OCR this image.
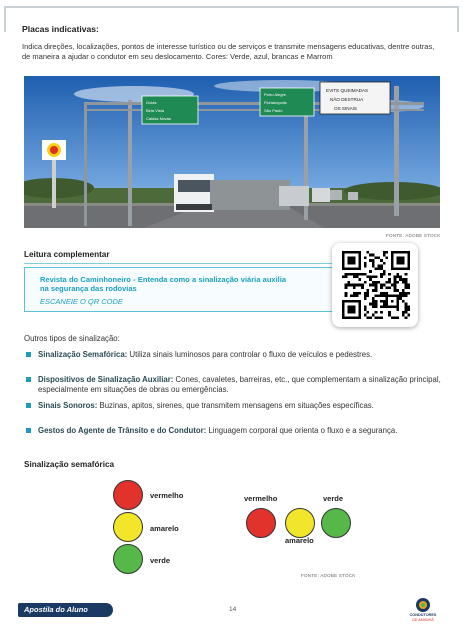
Placas indicativas:
Indica direções, localizações, pontos de interesse turístico ou de serviços e transmite mensagens educativas, dentre outras, de maneira a ajudar o condutor em seu deslocamento. Cores: Verde, azul, brancas e Marrom
Goiás
Bela Vista
Caldas Novas
Porto Alegre
Florianópolis
São Paulo
EVITE QUEIMADAS
NÃO DESTRUA
OS SINAIS
FONTE: ADOBE STOCK
Leitura complementar
Revista do Caminhoneiro - Entenda como a sinalização viária auxilia na segurança das rodovias
ESCANEIE O QR CODE
Outros tipos de sinalização:
Sinalização Semafórica: Utiliza sinais luminosos para controlar o fluxo de veículos e pedestres.
Dispositivos de Sinalização Auxiliar: Cones, cavaletes, barreiras, etc., que complementam a sinalização principal, especialmente em situações de obras ou emergências.
Sinais Sonoros: Buzinas, apitos, sirenes, que transmitem mensagens em situações específicas.
Gestos do Agente de Trânsito e do Condutor: Linguagem corporal que orienta o fluxo e a segurança.
Sinalização semafórica
vermelho
amarelo
verde
vermelho
amarelo
verde
FONTE: ADOBE STOCK
Apostila do Aluno	14
CONDUTORES
DE AMANHÃ
